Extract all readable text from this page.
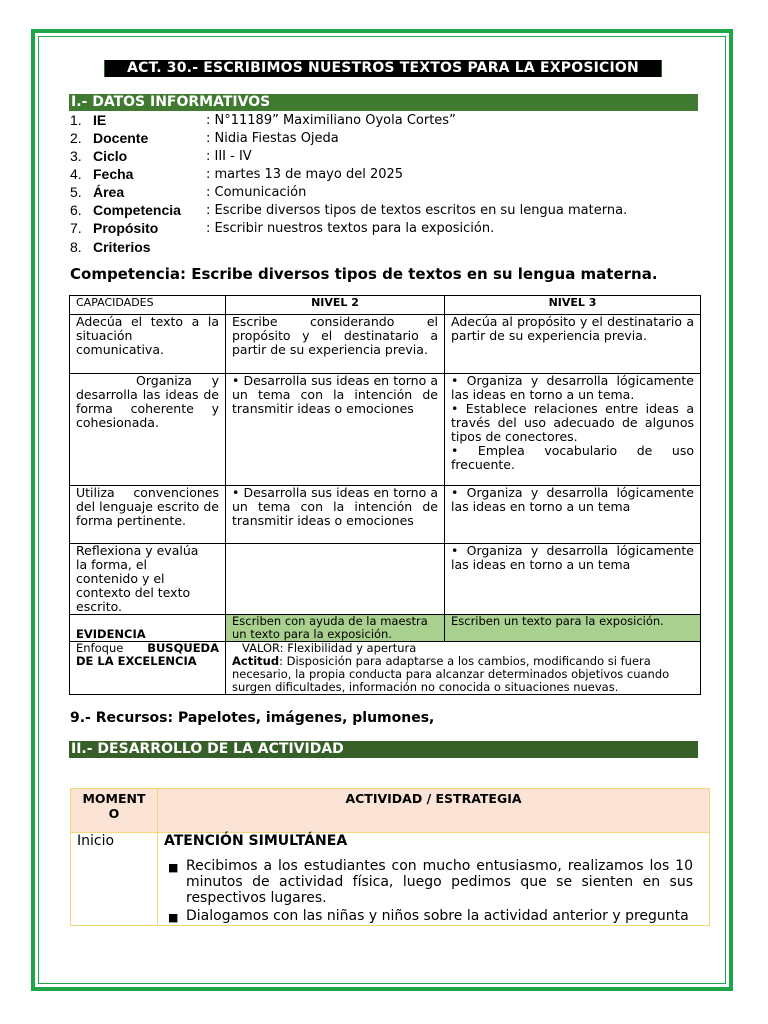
ACT. 30.- ESCRIBIMOS NUESTROS TEXTOS PARA LA EXPOSICION
I.- DATOS INFORMATIVOS
1. IE	: N°11189” Maximiliano Oyola Cortes”
2. Docente	: Nidia Fiestas Ojeda
3. Ciclo	: III - IV
4. Fecha	: martes 13 de mayo del 2025
5. Área	: Comunicación
6. Competencia	: Escribe diversos tipos de textos escritos en su lengua materna.
7. Propósito	: Escribir nuestros textos para la exposición.
8. Criterios
Competencia: Escribe diversos tipos de textos en su lengua materna.
CAPACIDADES	NIVEL 2	NIVEL 3
Adecúa el texto a la situación comunicativa.	Escribe considerando el propósito y el destinatario a partir de su experiencia previa.	Adecúa al propósito y el destinatario a partir de su experiencia previa.
Organiza y desarrolla las ideas de forma coherente y cohesionada.	• Desarrolla sus ideas en torno a un tema con la intención de transmitir ideas o emociones	• Organiza y desarrolla lógicamente las ideas en torno a un tema.
• Establece relaciones entre ideas a través del uso adecuado de algunos tipos de conectores.
• Emplea vocabulario de uso frecuente.

Utiliza convenciones del lenguaje escrito de forma pertinente.	• Desarrolla sus ideas en torno a un tema con la intención de transmitir ideas o emociones	• Organiza y desarrolla lógicamente las ideas en torno a un tema
Reflexiona y evalúa la forma, el contenido y el contexto del texto escrito.		• Organiza y desarrolla lógicamente las ideas en torno a un tema
EVIDENCIA	Escriben con ayuda de la maestra un texto para la exposición.	Escriben un texto para la exposición.
Enfoque BUSQUEDA DE LA EXCELENCIA	VALOR: Flexibilidad y apertura
Actitud: Disposición para adaptarse a los cambios, modificando si fuera necesario, la propia conducta para alcanzar determinados objetivos cuando surgen dificultades, información no conocida o situaciones nuevas.	
9.- Recursos: Papelotes, imágenes, plumones,
II.- DESARROLLO DE LA ACTIVIDAD
MOMENTO	ACTIVIDAD / ESTRATEGIA
Inicio	ATENCIÓN SIMULTÁNEA
■ Recibimos a los estudiantes con mucho entusiasmo, realizamos los 10 minutos de actividad física, luego pedimos que se sienten en sus respectivos lugares.
■ Dialogamos con las niñas y niños sobre la actividad anterior y pregunta
